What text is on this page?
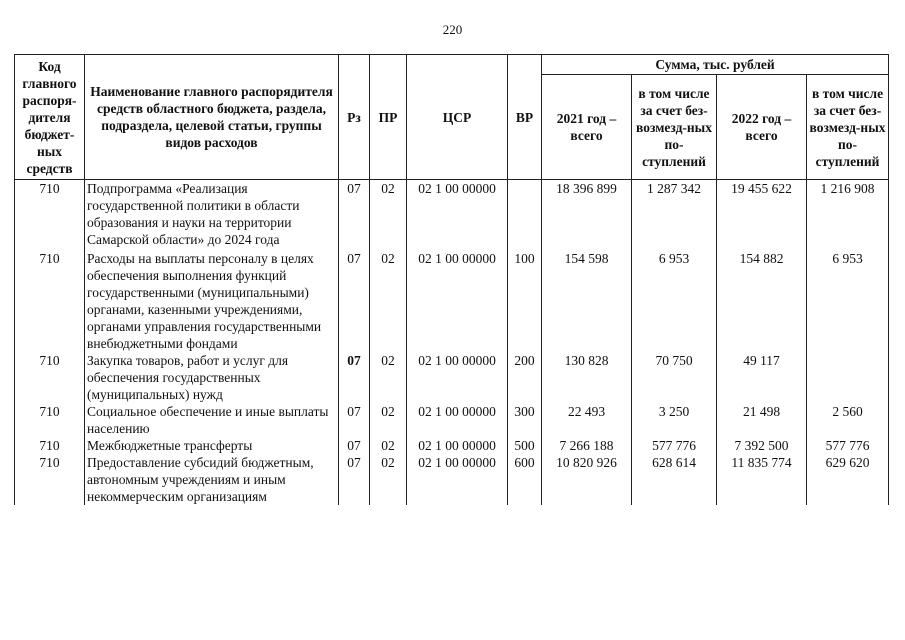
220
Код главного распоря-дителя бюджет-ных средств	Наименование главного распорядителя средств областного бюджета, раздела, подраздела, целевой статьи, группы видов расходов	Рз	ПР	ЦСР	ВР	Сумма, тыс. рублей			
						2021 год – всего	в том числе за счет без-возмезд-ных по-ступлений	2022 год – всего	в том числе за счет без-возмезд-ных по-ступлений
710	Подпрограмма «Реализация государственной политики в области образования и науки на территории Самарской области» до 2024 года	07	02	02 1 00 00000		18 396 899	1 287 342	19 455 622	1 216 908
710	Расходы на выплаты персоналу в целях обеспечения выполнения функций государственными (муниципальными) органами, казенными учреждениями, органами управления государственными внебюджетными фондами	07	02	02 1 00 00000	100	154 598	6 953	154 882	6 953
710	Закупка товаров, работ и услуг для обеспечения государственных (муниципальных) нужд	07	02	02 1 00 00000	200	130 828	70 750	49 117	
710	Социальное обеспечение и иные выплаты населению	07	02	02 1 00 00000	300	22 493	3 250	21 498	2 560
710	Межбюджетные трансферты	07	02	02 1 00 00000	500	7 266 188	577 776	7 392 500	577 776
710	Предоставление субсидий бюджетным, автономным учреждениям и иным некоммерческим организациям	07	02	02 1 00 00000	600	10 820 926	628 614	11 835 774	629 620
